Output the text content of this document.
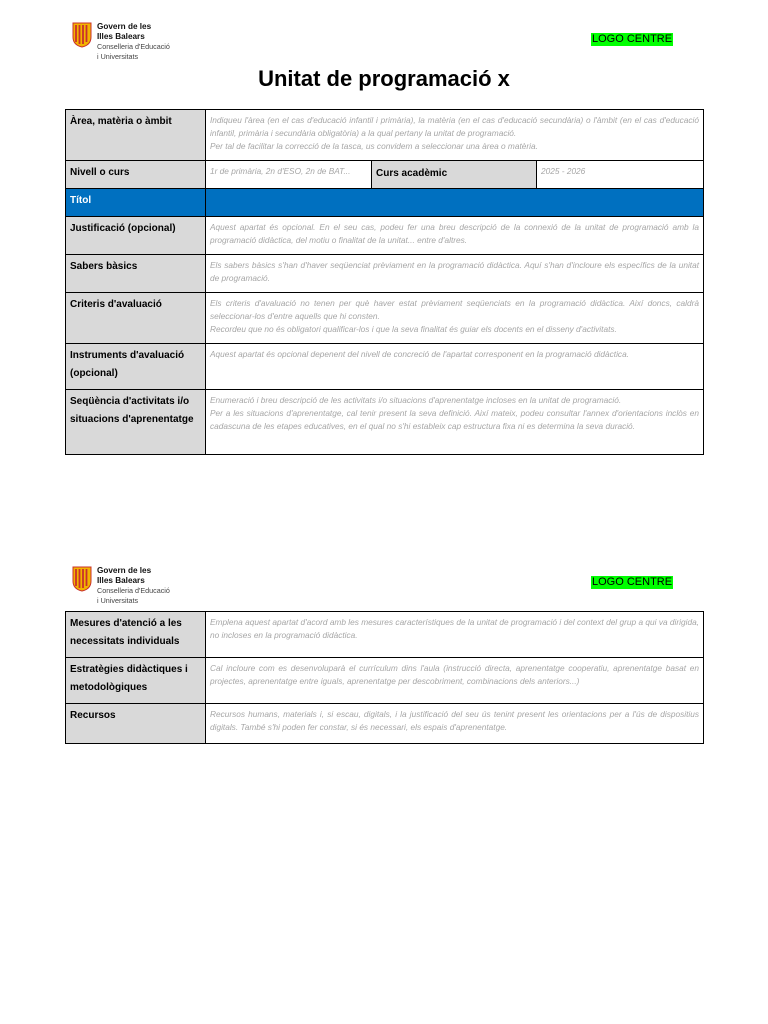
Govern de les
Illes Balears
Conselleria d'Educació
i Universitats
LOGO CENTRE
Unitat de programació x
Àrea, matèria o àmbit	Indiqueu l'àrea (en el cas d'educació infantil i primària), la matèria (en el cas d'educació secundària) o l'àmbit (en el cas d'educació infantil, primària i secundària obligatòria) a la qual pertany la unitat de programació.
Per tal de facilitar la correcció de la tasca, us convidem a seleccionar una àrea o matèria.		
Nivell o curs	1r de primària, 2n d'ESO, 2n de BAT...	Curs acadèmic	2025 - 2026
Títol			
Justificació (opcional)	Aquest apartat és opcional. En el seu cas, podeu fer una breu descripció de la connexió de la unitat de programació amb la programació didàctica, del motiu o finalitat de la unitat... entre d'altres.		
Sabers bàsics	Els sabers bàsics s'han d'haver seqüenciat prèviament en la programació didàctica. Aquí s'han d'incloure els específics de la unitat de programació.		
Criteris d'avaluació	Els criteris d'avaluació no tenen per què haver estat prèviament seqüenciats en la programació didàctica. Així doncs, caldrà seleccionar-los d'entre aquells que hi consten.
Recordeu que no és obligatori qualificar-los i que la seva finalitat és guiar els docents en el disseny d'activitats.		
Instruments d'avaluació (opcional)	Aquest apartat és opcional depenent del nivell de concreció de l'apartat corresponent en la programació didàctica.		
Seqüència d'activitats i/o situacions d'aprenentatge	Enumeració i breu descripció de les activitats i/o situacions d'aprenentatge incloses en la unitat de programació.
Per a les situacions d'aprenentatge, cal tenir present la seva definició. Així mateix, podeu consultar l'annex d'orientacions inclòs en cadascuna de les etapes educatives, en el qual no s'hi estableix cap estructura fixa ni es determina la seva duració.		
Govern de les
Illes Balears
Conselleria d'Educació
i Universitats
LOGO CENTRE
Mesures d'atenció a les necessitats individuals	Emplena aquest apartat d'acord amb les mesures característiques de la unitat de programació i del context del grup a qui va dirigida, no incloses en la programació didàctica.
Estratègies didàctiques i metodològiques	Cal incloure com es desenvoluparà el currículum dins l'aula (instrucció directa, aprenentatge cooperatiu, aprenentatge basat en projectes, aprenentatge entre iguals, aprenentatge per descobriment, combinacions dels anteriors...)
Recursos	Recursos humans, materials i, si escau, digitals, i la justificació del seu ús tenint present les orientacions per a l'ús de dispositius digitals. També s'hi poden fer constar, si és necessari, els espais d'aprenentatge.
